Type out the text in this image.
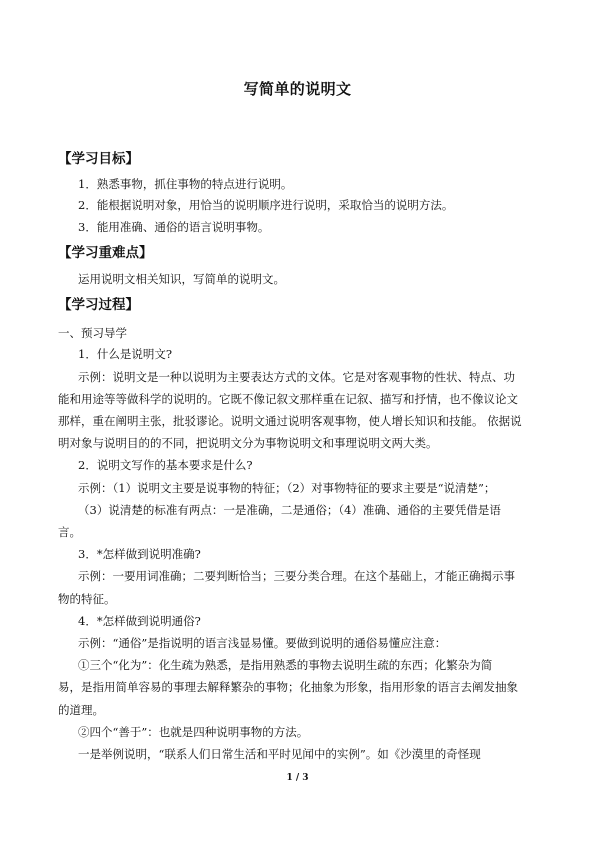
写简单的说明文
【学习目标】
1．熟悉事物，抓住事物的特点进行说明。
2．能根据说明对象，用恰当的说明顺序进行说明，采取恰当的说明方法。
3．能用准确、通俗的语言说明事物。
【学习重难点】
运用说明文相关知识，写简单的说明文。
【学习过程】
一、预习导学
1．什么是说明文?
示例：说明文是一种以说明为主要表达方式的文体。它是对客观事物的性状、特点、功
能和用途等等做科学的说明的。它既不像记叙文那样重在记叙、描写和抒情，也不像议论文
那样，重在阐明主张，批驳谬论。说明文通过说明客观事物，使人增长知识和技能。 依据说
明对象与说明目的的不同，把说明文分为事物说明文和事理说明文两大类。
2．说明文写作的基本要求是什么?
示例：（1）说明文主要是说事物的特征；（2）对事物特征的要求主要是“说清楚”；
（3）说清楚的标准有两点：一是准确，二是通俗；（4）准确、通俗的主要凭借是语
言。
3．*怎样做到说明准确?
示例：一要用词准确；二要判断恰当；三要分类合理。在这个基础上，才能正确揭示事
物的特征。
4．*怎样做到说明通俗?
示例：“通俗”是指说明的语言浅显易懂。要做到说明的通俗易懂应注意：
①三个“化为”：化生疏为熟悉，是指用熟悉的事物去说明生疏的东西；化繁杂为简
易，是指用简单容易的事理去解释繁杂的事物；化抽象为形象，指用形象的语言去阐发抽象
的道理。
②四个“善于”：也就是四种说明事物的方法。
一是举例说明，“联系人们日常生活和平时见闻中的实例”。如《沙漠里的奇怪现
1 / 3
